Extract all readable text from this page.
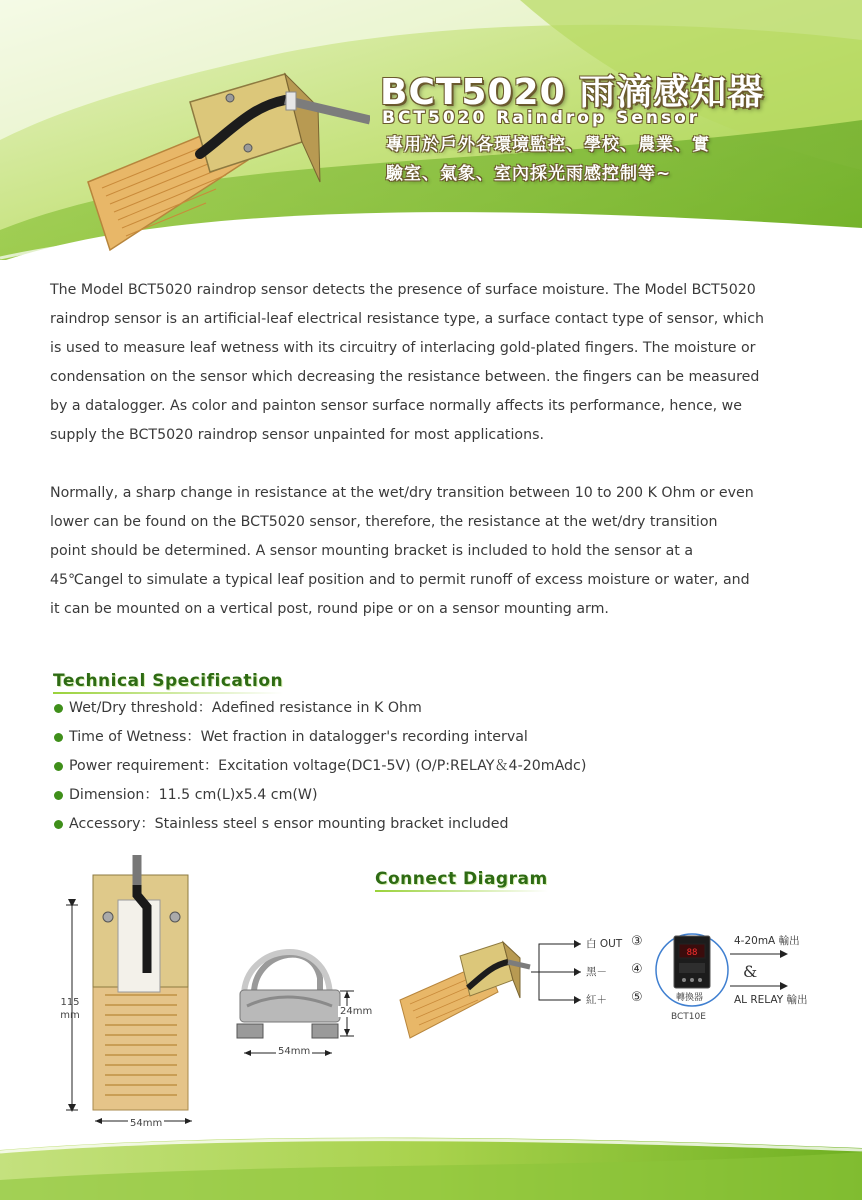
BCT5020 雨滴感知器
BCT5020 Raindrop Sensor
專用於戶外各環境監控、學校、農業、實
驗室、氣象、室內採光雨感控制等~
The Model BCT5020 raindrop sensor detects the presence of surface moisture. The Model BCT5020
raindrop sensor is an artificial-leaf electrical resistance type, a surface contact type of sensor, which
is used to measure leaf wetness with its circuitry of interlacing gold-plated fingers. The moisture or
condensation on the sensor which decreasing the resistance between. the fingers can be measured
by a datalogger. As color and painton sensor surface normally affects its performance, hence, we
supply the BCT5020 raindrop sensor unpainted for most applications.
Normally, a sharp change in resistance at the wet/dry transition between 10 to 200 K Ohm or even
lower can be found on the BCT5020 sensor, therefore, the resistance at the wet/dry transition
point should be determined. A sensor mounting bracket is included to hold the sensor at a
45℃angel to simulate a typical leaf position and to permit runoff of excess moisture or water, and
it can be mounted on a vertical post, round pipe or on a sensor mounting arm.
Technical Specification
Wet/Dry threshold：Adefined resistance in K Ohm
Time of Wetness：Wet fraction in datalogger's recording interval
Power requirement：Excitation voltage(DC1-5V) (O/P:RELAY＆4-20mAdc)
Dimension：11.5 cm(L)x5.4 cm(W)
Accessory：Stainless steel s ensor mounting bracket included
Connect Diagram
115
mm
54mm
24mm
54mm
白 OUT ③
黑－ ④
紅＋ ⑤
88
轉換器
BCT10E
4-20mA 輸出
&
AL RELAY 輸出
